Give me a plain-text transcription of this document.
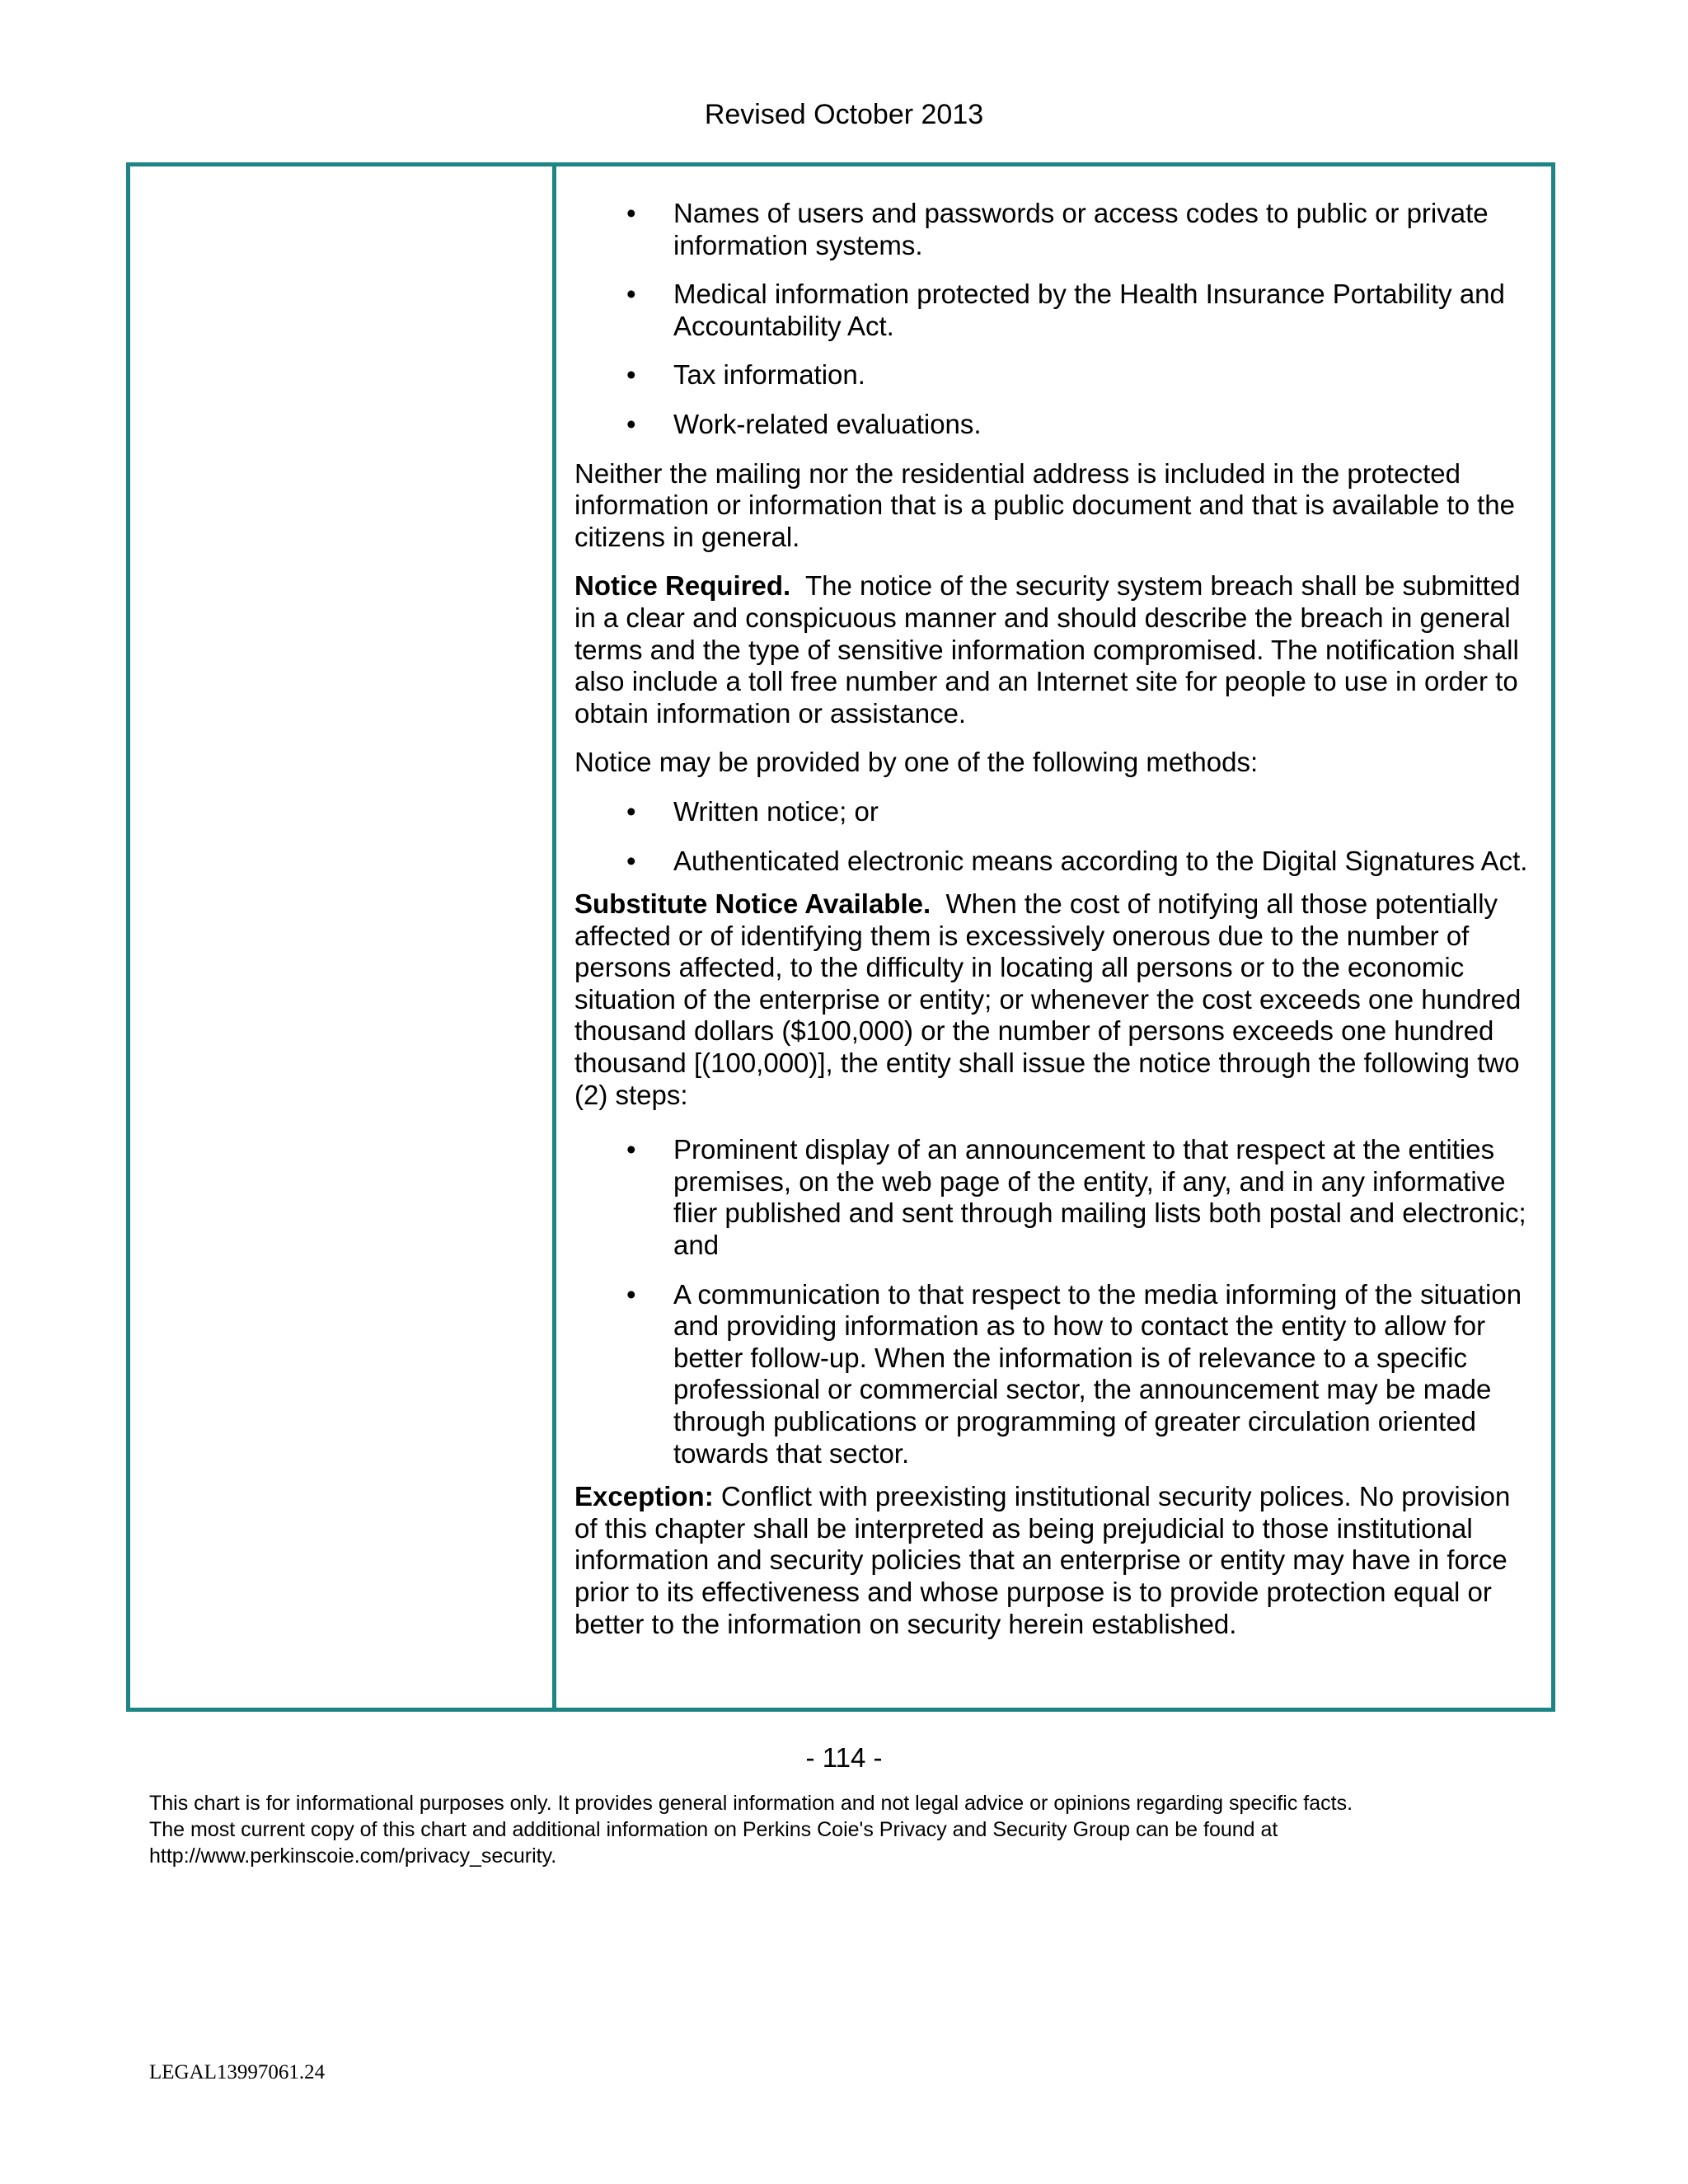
Revised October 2013
• Names of users and passwords or access codes to public or private information systems.
• Medical information protected by the Health Insurance Portability and Accountability Act.
• Tax information.
• Work-related evaluations.

Neither the mailing nor the residential address is included in the protected information or information that is a public document and that is available to the citizens in general.

Notice Required. The notice of the security system breach shall be submitted in a clear and conspicuous manner and should describe the breach in general terms and the type of sensitive information compromised. The notification shall also include a toll free number and an Internet site for people to use in order to obtain information or assistance.

Notice may be provided by one of the following methods:

• Written notice; or
• Authenticated electronic means according to the Digital Signatures Act.

Substitute Notice Available. When the cost of notifying all those potentially affected or of identifying them is excessively onerous due to the number of persons affected, to the difficulty in locating all persons or to the economic situation of the enterprise or entity; or whenever the cost exceeds one hundred thousand dollars ($100,000) or the number of persons exceeds one hundred thousand [(100,000)], the entity shall issue the notice through the following two (2) steps:

• Prominent display of an announcement to that respect at the entities premises, on the web page of the entity, if any, and in any informative flier published and sent through mailing lists both postal and electronic; and
• A communication to that respect to the media informing of the situation and providing information as to how to contact the entity to allow for better follow-up. When the information is of relevance to a specific professional or commercial sector, the announcement may be made through publications or programming of greater circulation oriented towards that sector.

Exception: Conflict with preexisting institutional security polices. No provision of this chapter shall be interpreted as being prejudicial to those institutional information and security policies that an enterprise or entity may have in force prior to its effectiveness and whose purpose is to provide protection equal or better to the information on security herein established.

- 114 -
This chart is for informational purposes only. It provides general information and not legal advice or opinions regarding specific facts.
The most current copy of this chart and additional information on Perkins Coie's Privacy and Security Group can be found at
http://www.perkinscoie.com/privacy_security.
LEGAL13997061.24
